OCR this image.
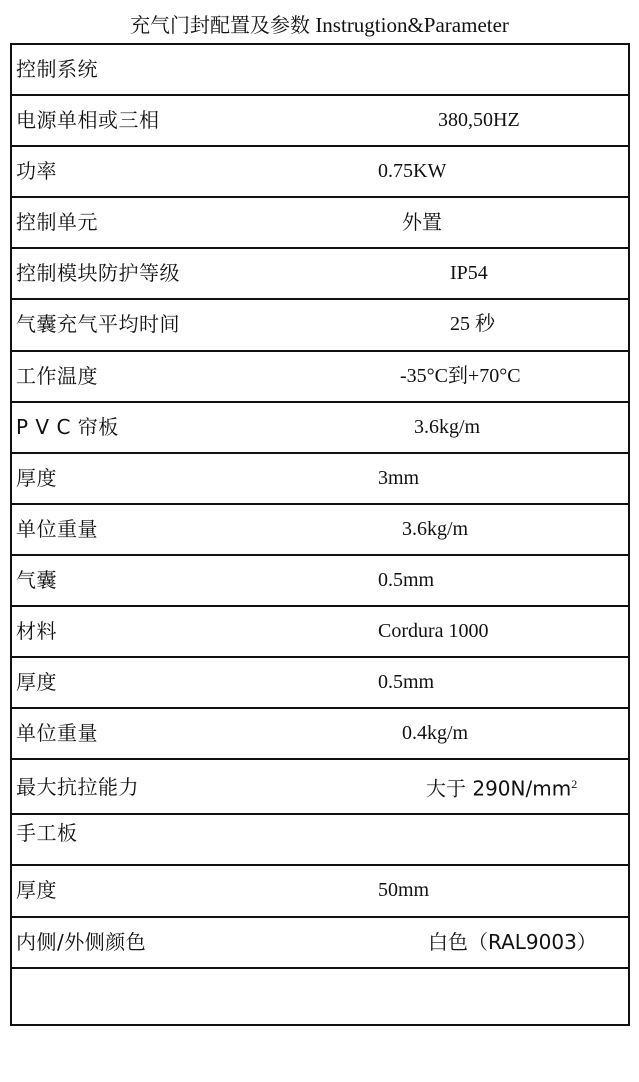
充气门封配置及参数 Instrugtion&Parameter
控制系统
电源单相或三相	380,50HZ
功率	0.75KW
控制单元	外置
控制模块防护等级	IP54
气囊充气平均时间	25 秒
工作温度	-35°C到+70°C
P V C 帘板	3.6kg/m
厚度	3mm
单位重量	3.6kg/m
气囊	0.5mm
材料	Cordura 1000
厚度	0.5mm
单位重量	0.4kg/m
最大抗拉能力	大于 $290N/mm^2$
手工板
厚度	50mm
内侧/外侧颜色	白色（RAL9003）
